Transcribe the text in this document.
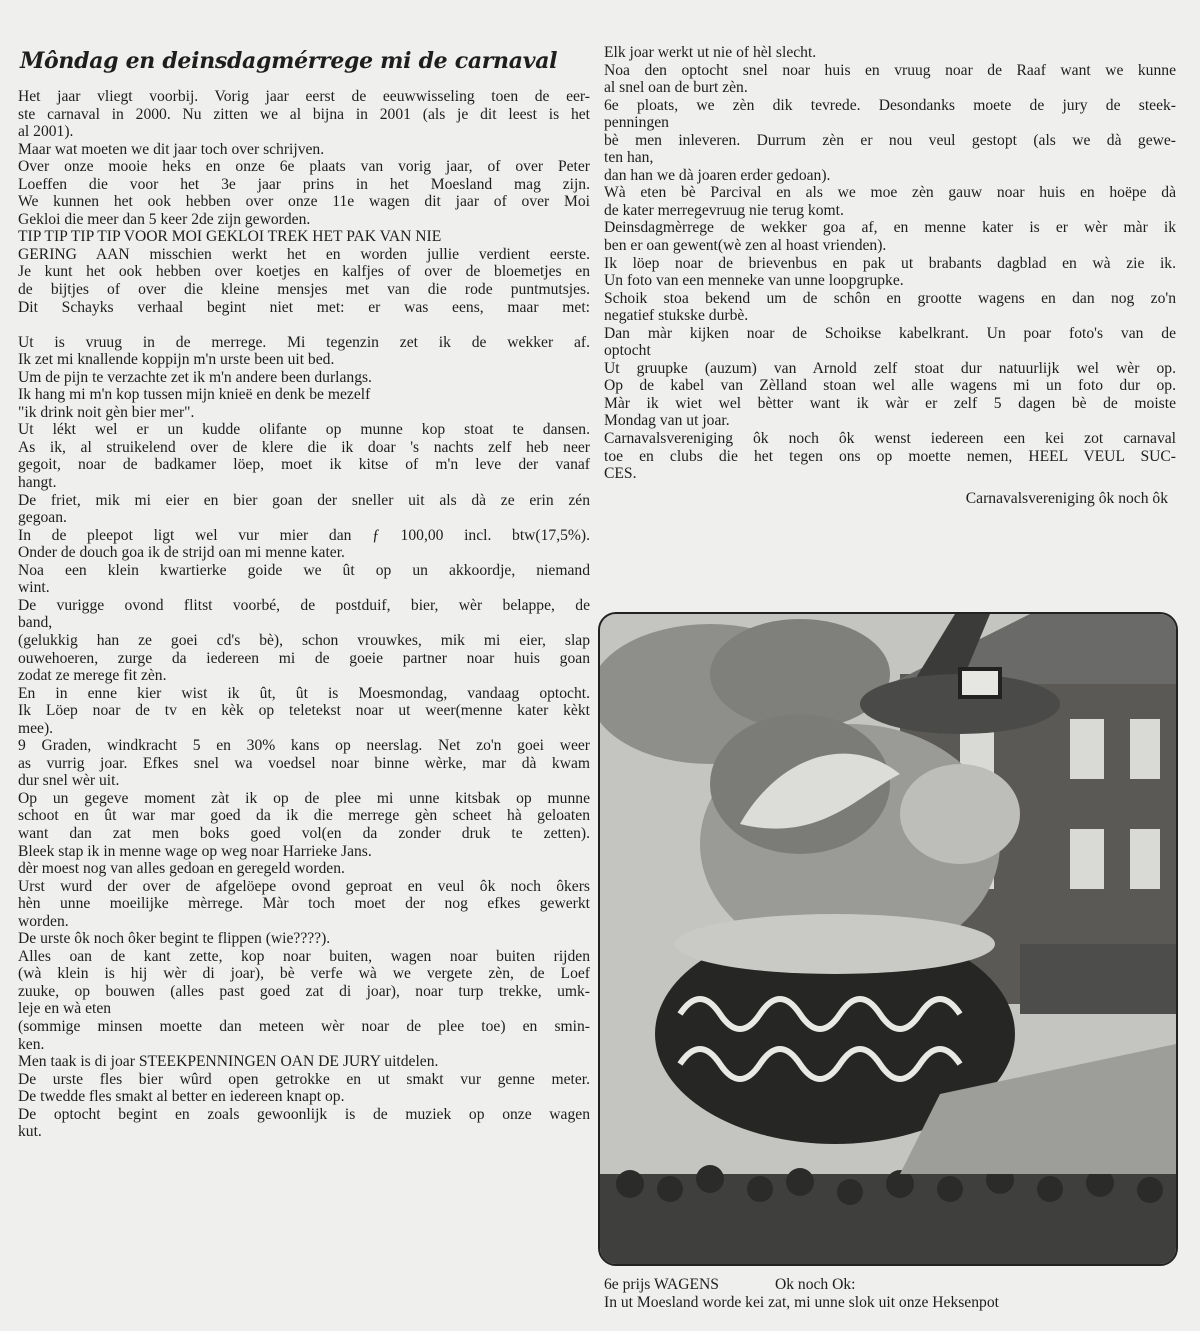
Môndag en deinsdagmérrege mi de carnaval
Het jaar vliegt voorbij. Vorig jaar eerst de eeuwwisseling toen de eer-
ste carnaval in 2000. Nu zitten we al bijna in 2001 (als je dit leest is het
al 2001).
Maar wat moeten we dit jaar toch over schrijven.
Over onze mooie heks en onze 6e plaats van vorig jaar, of over Peter
Loeffen die voor het 3e jaar prins in het Moesland mag zijn.
We kunnen het ook hebben over onze 11e wagen dit jaar of over Moi
Gekloi die meer dan 5 keer 2de zijn geworden.
TIP TIP TIP TIP VOOR MOI GEKLOI TREK HET PAK VAN NIE
GERING AAN misschien werkt het en worden jullie verdient eerste.
Je kunt het ook hebben over koetjes en kalfjes of over de bloemetjes en
de bijtjes of over die kleine mensjes met van die rode puntmutsjes.
Dit Schayks verhaal begint niet met: er was eens, maar met:
Ut is vruug in de merrege. Mi tegenzin zet ik de wekker af.
Ik zet mi knallende koppijn m'n urste been uit bed.
Um de pijn te verzachte zet ik m'n andere been durlangs.
Ik hang mi m'n kop tussen mijn knieë en denk be mezelf
"ik drink noit gèn bier mer".
Ut lékt wel er un kudde olifante op munne kop stoat te dansen.
As ik, al struikelend over de klere die ik doar 's nachts zelf heb neer
gegoit, noar de badkamer löep, moet ik kitse of m'n leve der vanaf
hangt.
De friet, mik mi eier en bier goan der sneller uit als dà ze erin zén
gegoan.
In de pleepot ligt wel vur mier dan ƒ 100,00 incl. btw(17,5%).
Onder de douch goa ik de strijd oan mi menne kater.
Noa een klein kwartierke goide we ût op un akkoordje, niemand
wint.
De vurigge ovond flitst voorbé, de postduif, bier, wèr belappe, de
band,
(gelukkig han ze goei cd's bè), schon vrouwkes, mik mi eier, slap
ouwehoeren, zurge da iedereen mi de goeie partner noar huis goan
zodat ze merege fit zèn.
En in enne kier wist ik ût, ût is Moesmondag, vandaag optocht.
Ik Löep noar de tv en kèk op teletekst noar ut weer(menne kater kèkt
mee).
9 Graden, windkracht 5 en 30% kans op neerslag. Net zo'n goei weer
as vurrig joar. Efkes snel wa voedsel noar binne wèrke, mar dà kwam
dur snel wèr uit.
Op un gegeve moment zàt ik op de plee mi unne kitsbak op munne
schoot en ût war mar goed da ik die merrege gèn scheet hà geloaten
want dan zat men boks goed vol(en da zonder druk te zetten).
Bleek stap ik in menne wage op weg noar Harrieke Jans.
dèr moest nog van alles gedoan en geregeld worden.
Urst wurd der over de afgelöepe ovond geproat en veul ôk noch ôkers
hèn unne moeilijke mèrrege. Màr toch moet der nog efkes gewerkt
worden.
De urste ôk noch ôker begint te flippen (wie????).
Alles oan de kant zette, kop noar buiten, wagen noar buiten rijden
(wà klein is hij wèr di joar), bè verfe wà we vergete zèn, de Loef
zuuke, op bouwen (alles past goed zat di joar), noar turp trekke, umk-
leje en wà eten
(sommige minsen moette dan meteen wèr noar de plee toe) en smin-
ken.
Men taak is di joar STEEKPENNINGEN OAN DE JURY uitdelen.
De urste fles bier wûrd open getrokke en ut smakt vur genne meter.
De twedde fles smakt al better en iedereen knapt op.
De optocht begint en zoals gewoonlijk is de muziek op onze wagen
kut.
Elk joar werkt ut nie of hèl slecht.
Noa den optocht snel noar huis en vruug noar de Raaf want we kunne
al snel oan de burt zèn.
6e ploats, we zèn dik tevrede. Desondanks moete de jury de steek-
penningen
bè men inleveren. Durrum zèn er nou veul gestopt (als we dà gewe-
ten han,
dan han we dà joaren erder gedoan).
Wà eten bè Parcival en als we moe zèn gauw noar huis en hoëpe dà
de kater merregevruug nie terug komt.
Deinsdagmèrrege de wekker goa af, en menne kater is er wèr màr ik
ben er oan gewent(wè zen al hoast vrienden).
Ik löep noar de brievenbus en pak ut brabants dagblad en wà zie ik.
Un foto van een menneke van unne loopgrupke.
Schoik stoa bekend um de schôn en grootte wagens en dan nog zo'n
negatief stukske durbè.
Dan màr kijken noar de Schoikse kabelkrant. Un poar foto's van de
optocht
Ut gruupke (auzum) van Arnold zelf stoat dur natuurlijk wel wèr op.
Op de kabel van Zèlland stoan wel alle wagens mi un foto dur op.
Màr ik wiet wel bètter want ik wàr er zelf 5 dagen bè de moiste
Mondag van ut joar.
Carnavalsvereniging ôk noch ôk wenst iedereen een kei zot carnaval
toe en clubs die het tegen ons op moette nemen, HEEL VEUL SUC-
CES.
Carnavalsvereniging ôk noch ôk
6e prijs WAGENS	Ok noch Ok:
In ut Moesland worde kei zat, mi unne slok uit onze Heksenpot
